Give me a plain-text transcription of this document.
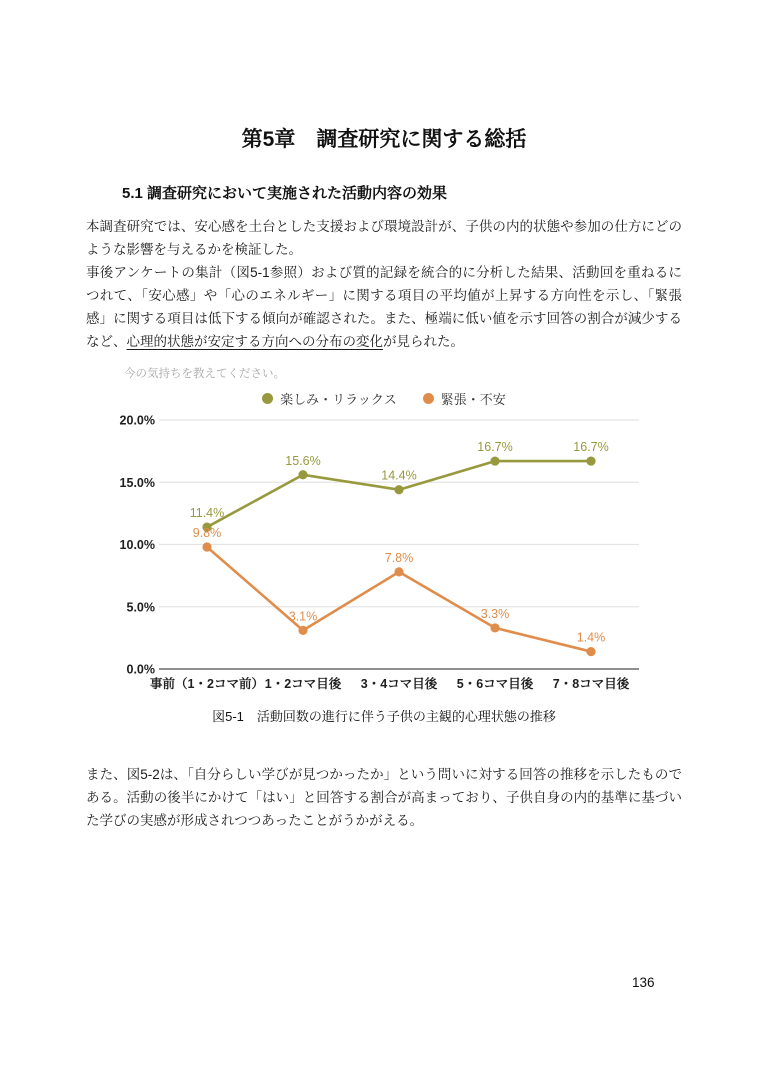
第5章　調査研究に関する総括
5.1 調査研究において実施された活動内容の効果

本調査研究では、安心感を土台とした支援および環境設計が、子供の内的状態や参加の仕方にどのような影響を与えるかを検証した。

事後アンケートの集計（図5-1参照）および質的記録を統合的に分析した結果、活動回を重ねるにつれて、「安心感」や「心のエネルギー」に関する項目の平均値が上昇する方向性を示し、「緊張感」に関する項目は低下する傾向が確認された。また、極端に低い値を示す回答の割合が減少するなど、心理的状態が安定する方向への分布の変化が見られた。

今の気持ちを教えてください。
楽しみ・リラックス	緊張・不安
0.0%
5.0%
10.0%
15.0%
20.0%
事前（1・2コマ前） 1・2コマ目後 3・4コマ目後 5・6コマ目後 7・8コマ目後
11.4%
15.6%
14.4%
16.7%	16.7%
9.8%
3.1%
7.8%
3.3%
1.4%

図5-1　活動回数の進行に伴う子供の主観的心理状態の推移

また、図5-2は、「自分らしい学びが見つかったか」という問いに対する回答の推移を示したものである。活動の後半にかけて「はい」と回答する割合が高まっており、子供自身の内的基準に基づいた学びの実感が形成されつつあったことがうかがえる。

136
